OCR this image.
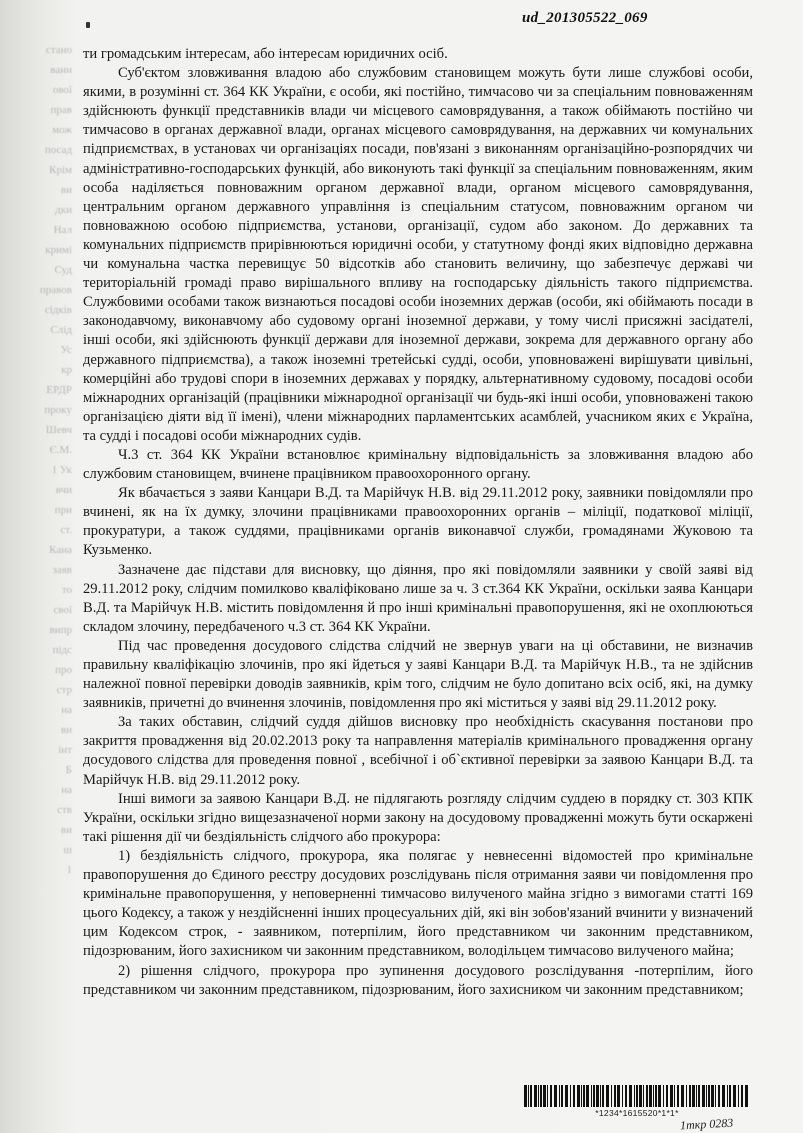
стано
ванн
ової
прав
мож
посад
Крім
ви
дки
Нал
кримі
Суд
правов
сідків
Слід
Ус
кр
ЕРДР
проку
Шевч
Є.М.
1 Ук
вчи
при
ст.
Кана
заяв
то
свої
випр
підс
про
стр
на
ви
інт
Б
на
ств
ви
ш
1
ud_201305522_069

ти громадським інтересам, або інтересам юридичних осіб.

Суб'єктом зловживання владою або службовим становищем можуть бути лише службові особи, якими, в розумінні ст. 364 КК України, є особи, які постійно, тимчасово чи за спеціальним повноваженням здійснюють функції представників влади чи місцевого самоврядування, а також обіймають постійно чи тимчасово в органах державної влади, органах місцевого самоврядування, на державних чи комунальних підприємствах, в установах чи організаціях посади, пов'язані з виконанням організаційно-розпорядчих чи адміністративно-господарських функцій, або виконують такі функції за спеціальним повноваженням, яким особа наділяється повноважним органом державної влади, органом місцевого самоврядування, центральним органом державного управління із спеціальним статусом, повноважним органом чи повноважною особою підприємства, установи, організації, судом або законом. До державних та комунальних підприємств прирівнюються юридичні особи, у статутному фонді яких відповідно державна чи комунальна частка перевищує 50 відсотків або становить величину, що забезпечує державі чи територіальній громаді право вирішального впливу на господарську діяльність такого підприємства. Службовими особами також визнаються посадові особи іноземних держав (особи, які обіймають посади в законодавчому, виконавчому або судовому органі іноземної держави, у тому числі присяжні засідателі, інші особи, які здійснюють функції держави для іноземної держави, зокрема для державного органу або державного підприємства), а також іноземні третейські судді, особи, уповноважені вирішувати цивільні, комерційні або трудові спори в іноземних державах у порядку, альтернативному судовому, посадові особи міжнародних організацій (працівники міжнародної організації чи будь-які інші особи, уповноважені такою організацією діяти від її імені), члени міжнародних парламентських асамблей, учасником яких є Україна, та судді і посадові особи міжнародних судів.

Ч.3 ст. 364 КК України встановлює кримінальну відповідальність за зловживання владою або службовим становищем, вчинене працівником правоохоронного органу.

Як вбачається з заяви Канцари В.Д. та Марійчук Н.В. від 29.11.2012 року, заявники повідомляли про вчинені, як на їх думку, злочини працівниками правоохоронних органів – міліції, податкової міліції, прокуратури, а також суддями, працівниками органів виконавчої служби, громадянами Жуковою та Кузьменко.

Зазначене дає підстави для висновку, що діяння, про які повідомляли заявники у своїй заяві від 29.11.2012 року, слідчим помилково кваліфіковано лише за ч. 3 ст.364 КК України, оскільки заява Канцари В.Д. та Марійчук Н.В. містить повідомлення й про інші кримінальні правопорушення, які не охоплюються складом злочину, передбаченого ч.3 ст. 364 КК України.

Під час проведення досудового слідства слідчий не звернув уваги на ці обставини, не визначив правильну кваліфікацію злочинів, про які йдеться у заяві Канцари В.Д. та Марійчук Н.В., та не здійснив належної повної перевірки доводів заявників, крім того, слідчим не було допитано всіх осіб, які, на думку заявників, причетні до вчинення злочинів, повідомлення про які міститься у заяві від 29.11.2012 року.

За таких обставин, слідчий суддя дійшов висновку про необхідність скасування постанови про закриття провадження від 20.02.2013 року та направлення матеріалів кримінального провадження органу досудового слідства для проведення повної , всебічної і об`єктивної перевірки за заявою Канцари В.Д. та Марійчук Н.В. від 29.11.2012 року.

Інші вимоги за заявою Канцари В.Д. не підлягають розгляду слідчим суддею в порядку ст. 303 КПК України, оскільки згідно вищезазначеної норми закону на досудовому провадженні можуть бути оскаржені такі рішення дії чи бездіяльність слідчого або прокурора:

1) бездіяльність слідчого, прокурора, яка полягає у невнесенні відомостей про кримінальне правопорушення до Єдиного реєстру досудових розслідувань після отримання заяви чи повідомлення про кримінальне правопорушення, у неповерненні тимчасово вилученого майна згідно з вимогами статті 169 цього Кодексу, а також у нездійсненні інших процесуальних дій, які він зобов'язаний вчинити у визначений цим Кодексом строк, - заявником, потерпілим, його представником чи законним представником, підозрюваним, його захисником чи законним представником, володільцем тимчасово вилученого майна;

2) рішення слідчого, прокурора про зупинення досудового розслідування -потерпілим, його представником чи законним представником, підозрюваним, його захисником чи законним представником;

*1234*1615520*1*1*
1ткр 0283
